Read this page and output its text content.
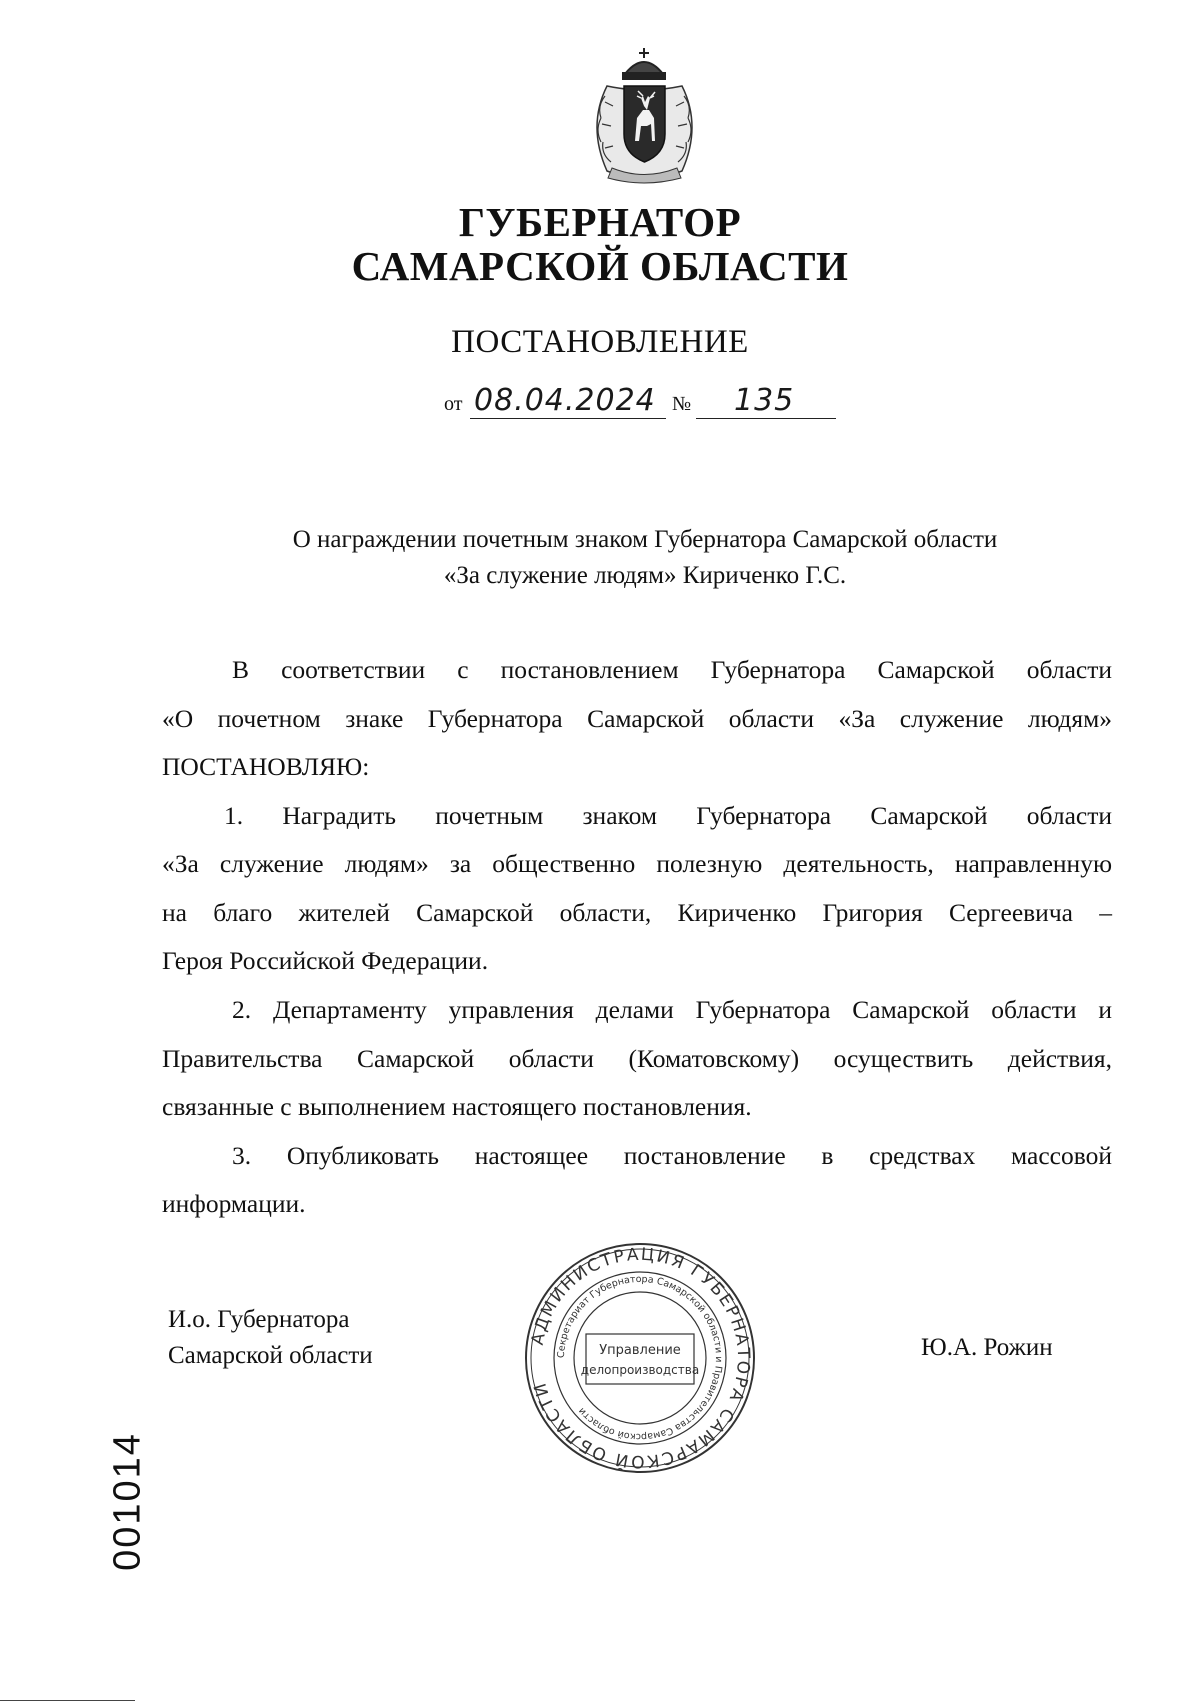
ГУБЕРНАТОР
САМАРСКОЙ ОБЛАСТИ
ПОСТАНОВЛЕНИЕ
от 08.04.2024 № 135
О награждении почетным знаком Губернатора Самарской области
«За служение людям» Кириченко Г.С.
В соответствии с постановлением Губернатора Самарской области
«О почетном знаке Губернатора Самарской области «За служение людям»
ПОСТАНОВЛЯЮ:
1. Наградить почетным знаком Губернатора Самарской области
«За служение людям» за общественно полезную деятельность, направленную
на благо жителей Самарской области, Кириченко Григория Сергеевича –
Героя Российской Федерации.
2. Департаменту управления делами Губернатора Самарской области и
Правительства Самарской области (Коматовскому) осуществить действия,
связанные с выполнением настоящего постановления.
3. Опубликовать настоящее постановление в средствах массовой
информации.
И.о. Губернатора
Самарской области	Ю.А. Рожин
АДМИНИСТРАЦИЯ ГУБЕРНАТОРА САМАРСКОЙ ОБЛАСТИ
Секретариат Губернатора Самарской области и Правительства Самарской области
Управление
делопроизводства
001014
